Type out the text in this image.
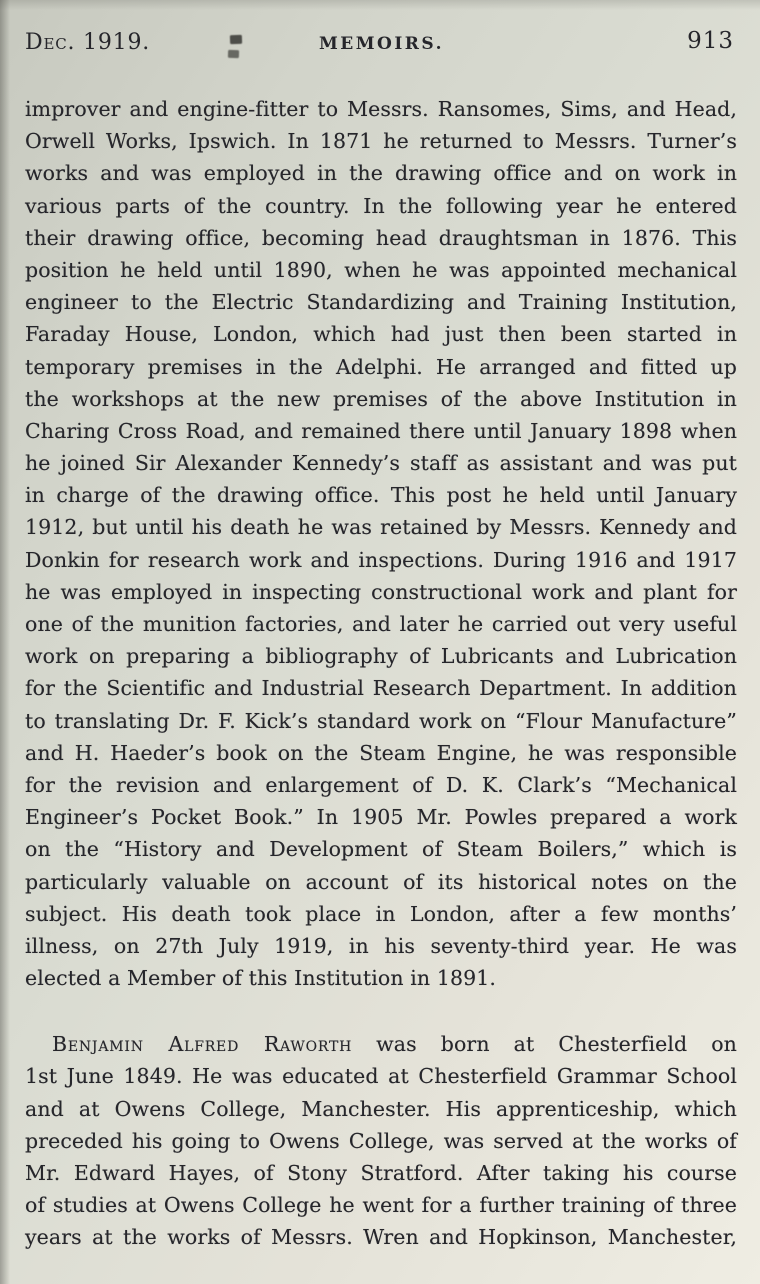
Dec. 1919.	MEMOIRS.	913
improver and engine-fitter to Messrs. Ransomes, Sims, and Head,
Orwell Works, Ipswich. In 1871 he returned to Messrs. Turner’s
works and was employed in the drawing office and on work in
various parts of the country. In the following year he entered
their drawing office, becoming head draughtsman in 1876. This
position he held until 1890, when he was appointed mechanical
engineer to the Electric Standardizing and Training Institution,
Faraday House, London, which had just then been started in
temporary premises in the Adelphi. He arranged and fitted up
the workshops at the new premises of the above Institution in
Charing Cross Road, and remained there until January 1898 when
he joined Sir Alexander Kennedy’s staff as assistant and was put
in charge of the drawing office. This post he held until January
1912, but until his death he was retained by Messrs. Kennedy and
Donkin for research work and inspections. During 1916 and 1917
he was employed in inspecting constructional work and plant for
one of the munition factories, and later he carried out very useful
work on preparing a bibliography of Lubricants and Lubrication
for the Scientific and Industrial Research Department. In addition
to translating Dr. F. Kick’s standard work on “Flour Manufacture”
and H. Haeder’s book on the Steam Engine, he was responsible
for the revision and enlargement of D. K. Clark’s “Mechanical
Engineer’s Pocket Book.” In 1905 Mr. Powles prepared a work
on the “History and Development of Steam Boilers,” which is
particularly valuable on account of its historical notes on the
subject. His death took place in London, after a few months’
illness, on 27th July 1919, in his seventy-third year. He was
elected a Member of this Institution in 1891.
Benjamin Alfred Raworth was born at Chesterfield on
1st June 1849. He was educated at Chesterfield Grammar School
and at Owens College, Manchester. His apprenticeship, which
preceded his going to Owens College, was served at the works of
Mr. Edward Hayes, of Stony Stratford. After taking his course
of studies at Owens College he went for a further training of three
years at the works of Messrs. Wren and Hopkinson, Manchester,
